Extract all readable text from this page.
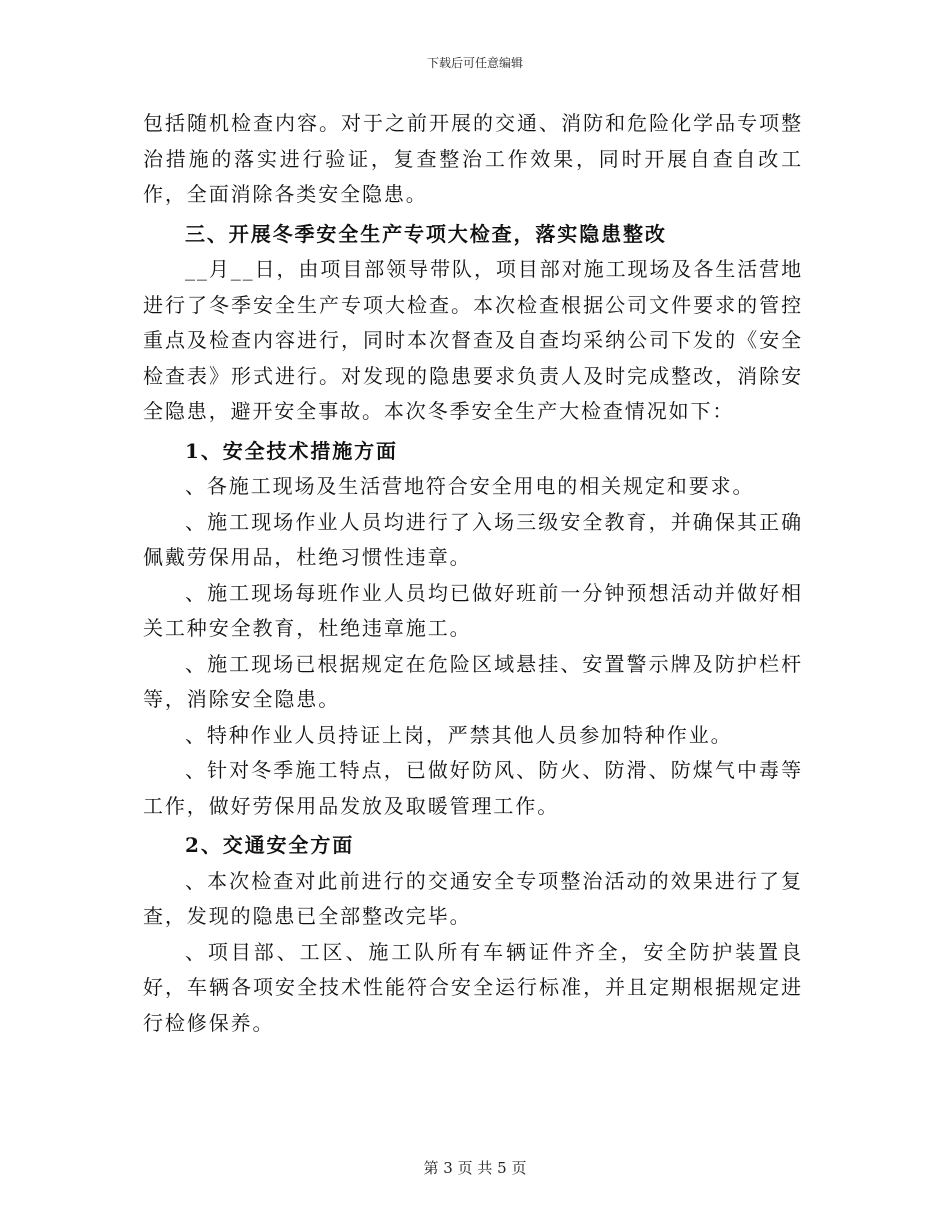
下载后可任意编辑

包括随机检查内容。对于之前开展的交通、消防和危险化学品专项整治措施的落实进行验证，复查整治工作效果，同时开展自查自改工作，全面消除各类安全隐患。

三、开展冬季安全生产专项大检查，落实隐患整改

__月__日，由项目部领导带队，项目部对施工现场及各生活营地进行了冬季安全生产专项大检查。本次检查根据公司文件要求的管控重点及检查内容进行，同时本次督查及自查均采纳公司下发的《安全检查表》形式进行。对发现的隐患要求负责人及时完成整改，消除安全隐患，避开安全事故。本次冬季安全生产大检查情况如下：

1、安全技术措施方面

、各施工现场及生活营地符合安全用电的相关规定和要求。

、施工现场作业人员均进行了入场三级安全教育，并确保其正确佩戴劳保用品，杜绝习惯性违章。

、施工现场每班作业人员均已做好班前一分钟预想活动并做好相关工种安全教育，杜绝违章施工。

、施工现场已根据规定在危险区域悬挂、安置警示牌及防护栏杆等，消除安全隐患。

、特种作业人员持证上岗，严禁其他人员参加特种作业。

、针对冬季施工特点，已做好防风、防火、防滑、防煤气中毒等工作，做好劳保用品发放及取暖管理工作。

2、交通安全方面

、本次检查对此前进行的交通安全专项整治活动的效果进行了复查，发现的隐患已全部整改完毕。

、项目部、工区、施工队所有车辆证件齐全，安全防护装置良好，车辆各项安全技术性能符合安全运行标准，并且定期根据规定进行检修保养。

第 3 页 共 5 页
